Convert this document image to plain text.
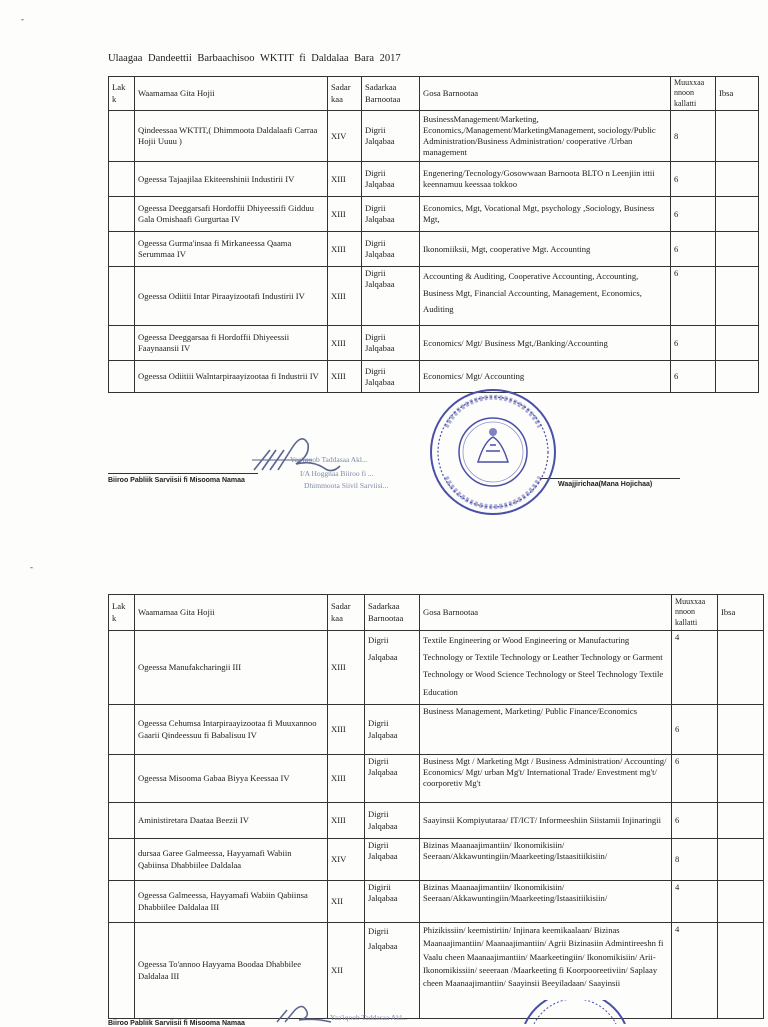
-
-
Ulaagaa Dandeettii Barbaachisoo WKTIT fi Daldalaa Bara 2017
Lak k	Waamamaa Gita Hojii	Sadar kaa	Sadarkaa Barnootaa	Gosa Barnootaa	Muuxxaa nnoon kallatti	Ibsa
	Qindeessaa WKTIT,( Dhimmoota Daldalaafi Carraa Hojii Uuuu )	XIV	Digrii Jalqabaa	BusinessManagement/Marketing, Economics,/Management/MarketingManagement, sociology/Public Administration/Business Administration/ cooperative /Urban management	8	
	Ogeessa Tajaajilaa Ekiteenshinii Industirii IV	XIII	Digrii Jalqabaa	Engenering/Tecnology/Gosowwaan Barnoota BLTO n Leenjiin ittii keennamuu keessaa tokkoo	6	
	Ogeessa Deeggarsafi Hordoffii Dhiyeessifi Gidduu Gala Omishaafi Gurgurtaa IV	XIII	Digrii Jalqabaa	Economics, Mgt, Vocational Mgt, psychology ,Sociology, Business Mgt,	6	
	Ogeessa Gurma'insaa fi Mirkaneessa Qaama Serummaa IV	XIII	Digrii Jalqabaa	Ikonomiiksii, Mgt, cooperative Mgt. Accounting	6	
	Ogeessa Odiitii Intar Piraayizootafi Industirii IV	XIII	Digrii Jalqabaa	Accounting & Auditing, Cooperative Accounting, Accounting, Business Mgt, Financial Accounting, Management, Economics, Auditing	6	
	Ogeessa Deeggarsaa fi Hordoffii Dhiyeessii Faaynaansii IV	XIII	Digrii Jalqabaa	Economics/ Mgt/ Business Mgt,/Banking/Accounting	6	
	Ogeessa Odiitiii Walntarpiraayizootaa fi Industrii IV	XIII	Digrii Jalqabaa	Economics/ Mgt/ Accounting	6	
Yaa'iqoob Taddasaa Akl...
I/A Hoggnaa Biiroo fi ...
Dhimmoota Siivil Sarviisi...
Biiroo Pabliik Sarviisii fi Misooma Namaa
Waajjirichaa(Mana Hojichaa)
Lak k	Waamamaa Gita Hojii	Sadar kaa	Sadarkaa Barnootaa	Gosa Barnootaa	Muuxxaa nnoon kallatti	Ibsa
	Ogeessa Manufakcharingii III	XIII	Digrii Jalqabaa	Textile Engineering or Wood Engineering or Manufacturing Technology or Textile Technology or Leather Technology or Garment Technology or Wood Science Technology or Steel Technology Textile Education	4	
	Ogeessa Cehumsa Intarpiraayizootaa fi Muuxannoo Gaarii Qindeessuu fi Babalisuu IV	XIII	Digrii Jalqabaa	Business Management, Marketing/ Public Finance/Economics	6	
	Ogeessa Misooma Gabaa Biyya Keessaa IV	XIII	Digrii Jalqabaa	Business Mgt / Marketing Mgt / Business Administration/ Accounting/ Economics/ Mgt/ urban Mg't/ International Trade/ Envestment mg't/ coorporetiv Mg't	6	
	Aministiretara Daataa Beezii IV	XIII	Digrii Jalqabaa	Saayinsii Kompiyutaraa/ IT/ICT/ Informeeshiin Siistamii Injinaringii	6	
	dursaa Garee Galmeessa, Hayyamafi Wabiin Qabiinsa Dhabbiilee Daldalaa	XIV	Digrii Jalqabaa	Bizinas Maanaajimantiin/ Ikonomikisiin/ Seeraan/Akkawuntingiin/Maarkeeting/Istaasitiikisiin/	8	
	Ogeessa Galmeessa, Hayyamafi Wabiin Qabiinsa Dhabbiilee Daldalaa III	XII	Digirii Jalqabaa	Bizinas Maanaajimantiin/ Ikonomikisiin/ Seeraan/Akkawuntingiin/Maarkeeting/Istaasitiikisiin/	4	
	Ogeessa To'annoo Hayyama Boodaa Dhabbilee Daldalaa III	XII	Digrii Jalqabaa	Phizikissiin/ keemistiriin/ Injinara keemikaalaan/ Bizinas Maanaajimantiin/ Maanaajimantiin/ Agrii Bizinasiin Admintireeshn fi Vaalu cheen Maanaajimantiin/ Maarkeetingiin/ Ikonomikisiin/ Arii-Ikonomikissiin/ seeeraan /Maarkeeting fi Koorpooreetiviin/ Saplaay cheen Maanaajimantiin/ Saayinsii Beeyiladaan/ Saayinsii	4	
Biiroo Pabliik Sarviisii fi Misooma Namaa
Yaa'iqoob Taddasaa Akl...
